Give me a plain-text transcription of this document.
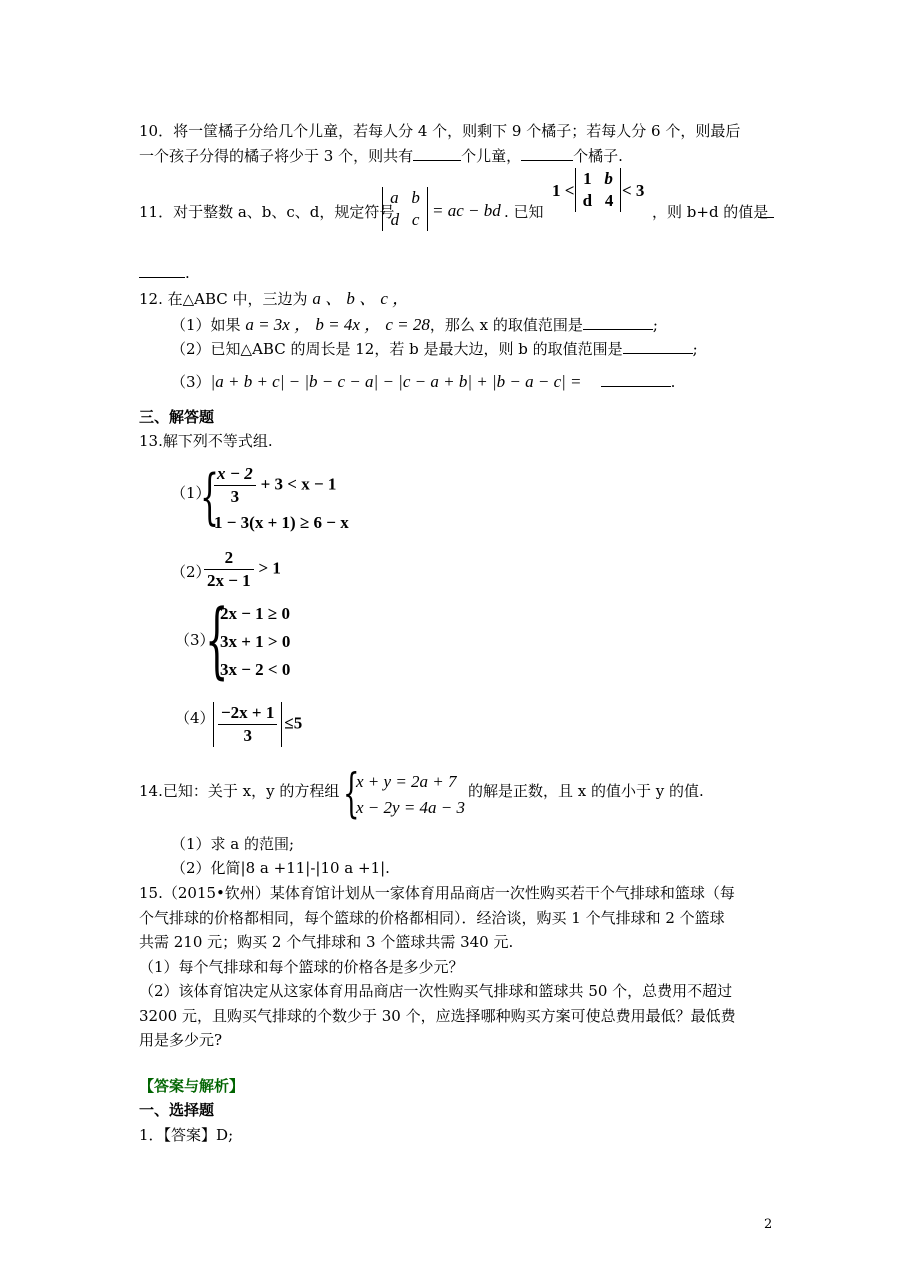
10．将一筐橘子分给几个儿童，若每人分 4 个，则剩下 9 个橘子；若每人分 6 个，则最后
一个孩子分得的橘子将少于 3 个，则共有	个儿童，	个橘子.
11．对于整数 a、b、c、d，规定符号
a b
d c = ac − bd . 已知
1 <
1 b
d 4
< 3
，则 b+d 的值是
.
12. 在△ABC 中，三边为 a 、 b 、 c ，
（1）如果 a = 3x ， b = 4x ， c = 28，那么 x 的取值范围是	;
（2）已知△ABC 的周长是 12，若 b 是最大边，则 b 的取值范围是	;
（3）|a + b + c| − |b − c − a| − |c − a + b| + |b − a − c| =	.
三、解答题
13.解下列不等式组.
（1）
{
$\frac{x - 2}{3} + 3 < x - 1$
1 − 3(x + 1) ≥ 6 − x
（2）
$\frac{2}{2x - 1} > 1$
（3）
{
2x − 1 ≥ 0
3x + 1 > 0
3x − 2 < 0
$(4) \frac{-2x + 1}{3} \le 5$
14.已知：关于 x，y 的方程组 {
x + y = 2a + 7
x − 2y = 4a − 3
的解是正数，且 x 的值小于 y 的值.
（1）求 a 的范围;
（2）化简|8 a +11|-|10 a +1|.
15.（2015•钦州）某体育馆计划从一家体育用品商店一次性购买若干个气排球和篮球（每
个气排球的价格都相同，每个篮球的价格都相同）．经洽谈，购买 1 个气排球和 2 个篮球
共需 210 元；购买 2 个气排球和 3 个篮球共需 340 元.
（1）每个气排球和每个篮球的价格各是多少元？
（2）该体育馆决定从这家体育用品商店一次性购买气排球和篮球共 50 个，总费用不超过
3200 元，且购买气排球的个数少于 30 个，应选择哪种购买方案可使总费用最低？最低费
用是多少元?
【答案与解析】
一、选择题
1．【答案】D;
2
